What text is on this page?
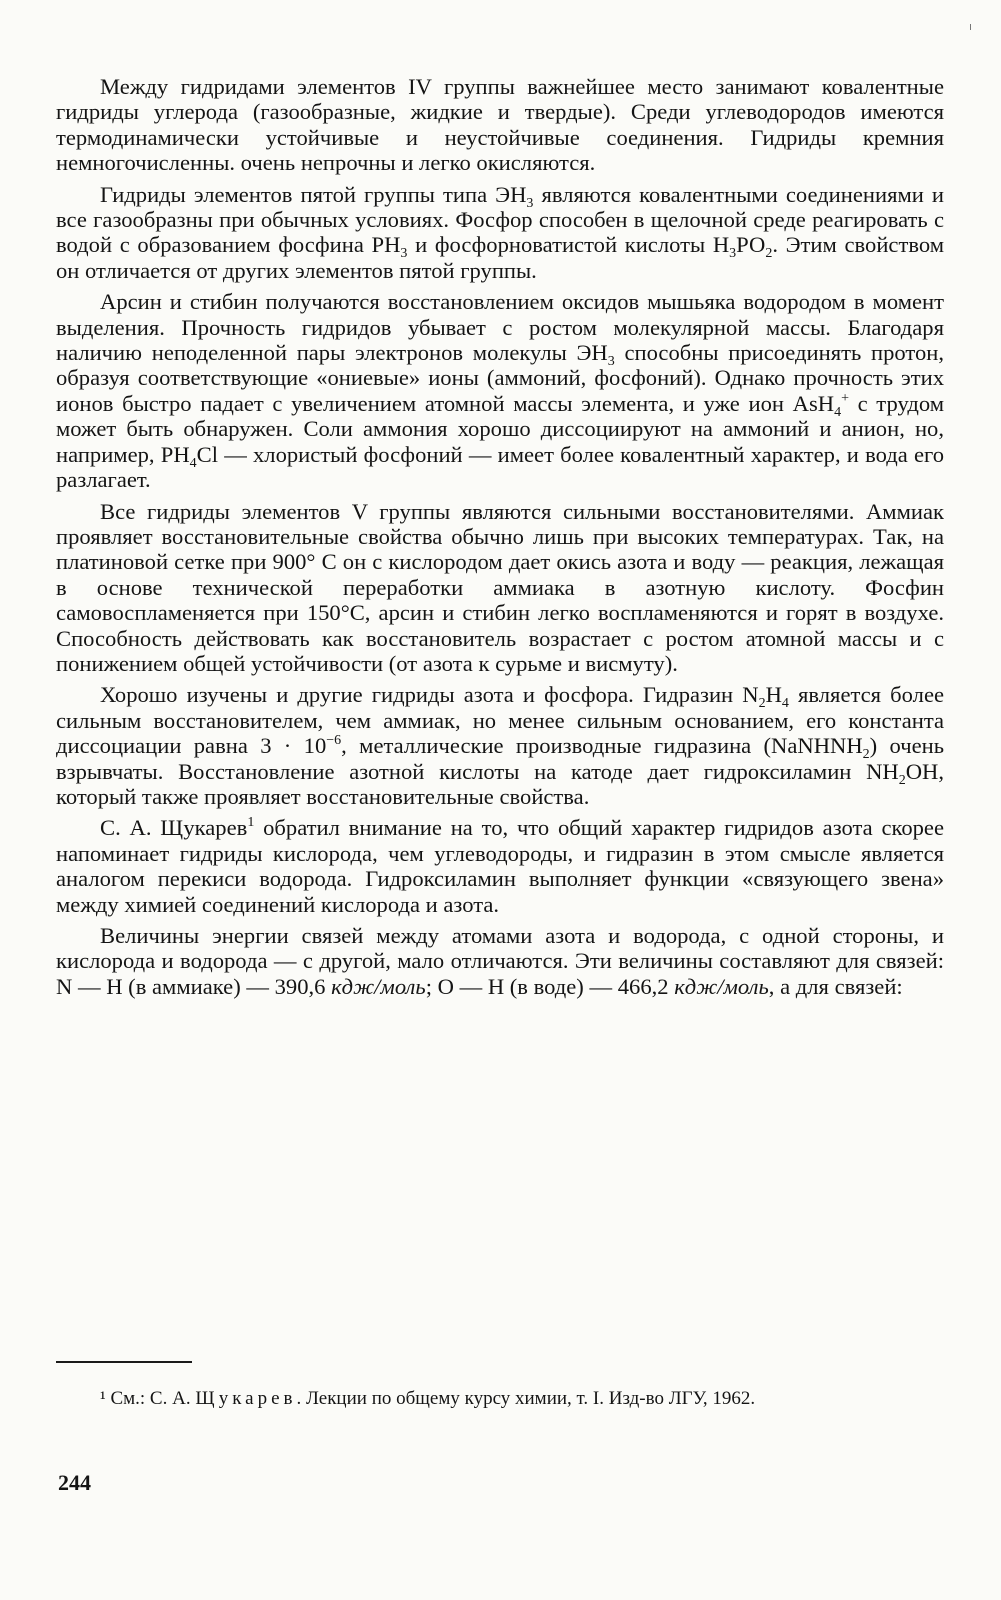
Между гидридами элементов IV группы важнейшее место занимают ковалентные гидриды углерода (газообразные, жидкие и твердые). Среди углеводородов имеются термодинамически устойчивые и неустойчивые соединения. Гидриды кремния немногочисленны. очень непрочны и легко окисляются.

Гидриды элементов пятой группы типа $ЭН_3$ являются ковалентными соединениями и все газообразны при обычных условиях. Фосфор способен в щелочной среде реагировать с водой с образованием фосфина $РН_3$ и фосфорноватистой кислоты $Н_3РО_2$. Этим свойством он отличается от других элементов пятой группы.

Арсин и стибин получаются восстановлением оксидов мышьяка водородом в момент выделения. Прочность гидридов убывает с ростом молекулярной массы. Благодаря наличию неподеленной пары электронов молекулы $ЭН_3$ способны присоединять протон, образуя соответствующие «ониевые» ионы (аммоний, фосфоний). Однако прочность этих ионов быстро падает с увеличением атомной массы элемента, и уже ион AsH$_4$+ с трудом может быть обнаружен. Соли аммония хорошо диссоциируют на аммоний и анион, но, например, $РН_4Сl$ — хлористый фосфоний — имеет более ковалентный характер, и вода его разлагает.

Все гидриды элементов V группы являются сильными восстановителями. Аммиак проявляет восстановительные свойства обычно лишь при высоких температурах. Так, на платиновой сетке при 900° С он с кислородом дает окись азота и воду — реакция, лежащая в основе технической переработки аммиака в азотную кислоту. Фосфин самовоспламеняется при 150°С, арсин и стибин легко воспламеняются и горят в воздухе. Способность действовать как восстановитель возрастает с ростом атомной массы и с понижением общей устойчивости (от азота к сурьме и висмуту).

Хорошо изучены и другие гидриды азота и фосфора. Гидразин $N_2H_4$ является более сильным восстановителем, чем аммиак, но менее сильным основанием, его константа диссоциации равна $3 \cdot 10^{-6}$, металлические производные гидразина (NaNHNH$_2$) очень взрывчаты. Восстановление азотной кислоты на катоде дает гидроксиламин $NH_2OH$, который также проявляет восстановительные свойства.

С. А. Щукарев$^1$ обратил внимание на то, что общий характер гидридов азота скорее напоминает гидриды кислорода, чем углеводороды, и гидразин в этом смысле является аналогом перекиси водорода. Гидроксиламин выполняет функции «связующего звена» между химией соединений кислорода и азота.

Величины энергии связей между атомами азота и водорода, с одной стороны, и кислорода и водорода — с другой, мало отличаются. Эти величины составляют для связей: N — Н (в аммиаке) — 390,6 кдж/моль; О — Н (в воде) — 466,2 кдж/моль, а для связей:

¹ См.: С. А. Щукарев. Лекции по общему курсу химии, т. I. Изд-во ЛГУ, 1962.
244
